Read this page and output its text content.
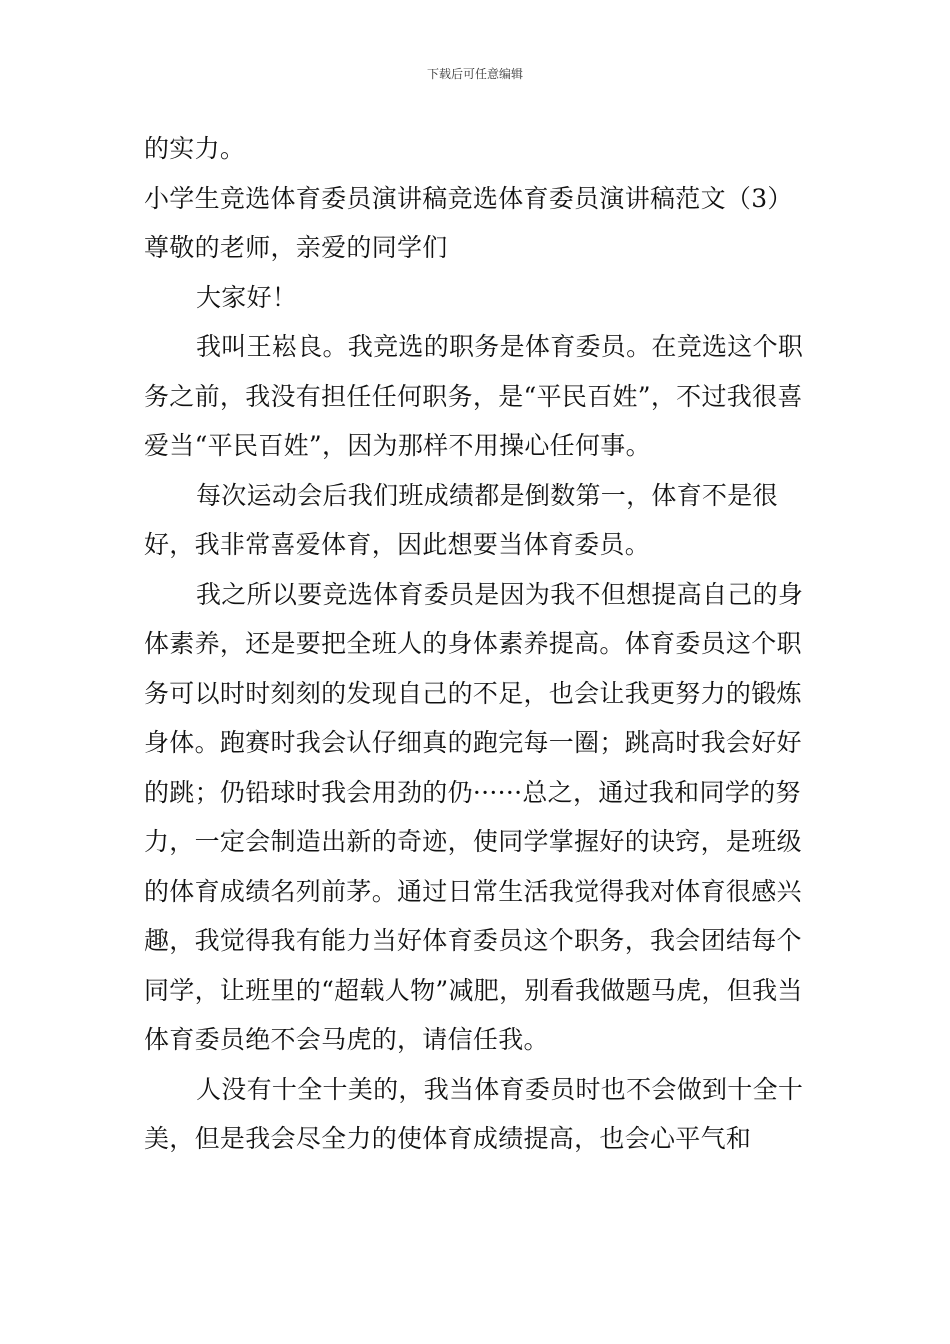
下载后可任意编辑

的实力。

小学生竞选体育委员演讲稿竞选体育委员演讲稿范文（3）

尊敬的老师，亲爱的同学们

大家好！

我叫王崧良。我竞选的职务是体育委员。在竞选这个职务之前，我没有担任任何职务，是“平民百姓”，不过我很喜爱当“平民百姓”，因为那样不用操心任何事。

每次运动会后我们班成绩都是倒数第一，体育不是很好，我非常喜爱体育，因此想要当体育委员。

我之所以要竞选体育委员是因为我不但想提高自己的身体素养，还是要把全班人的身体素养提高。体育委员这个职务可以时时刻刻的发现自己的不足，也会让我更努力的锻炼身体。跑赛时我会认仔细真的跑完每一圈；跳高时我会好好的跳；仍铅球时我会用劲的仍······总之，通过我和同学的努力，一定会制造出新的奇迹，使同学掌握好的诀窍，是班级的体育成绩名列前茅。通过日常生活我觉得我对体育很感兴趣，我觉得我有能力当好体育委员这个职务，我会团结每个同学，让班里的“超载人物”减肥，别看我做题马虎，但我当体育委员绝不会马虎的，请信任我。

人没有十全十美的，我当体育委员时也不会做到十全十美，但是我会尽全力的使体育成绩提高，也会心平气和
